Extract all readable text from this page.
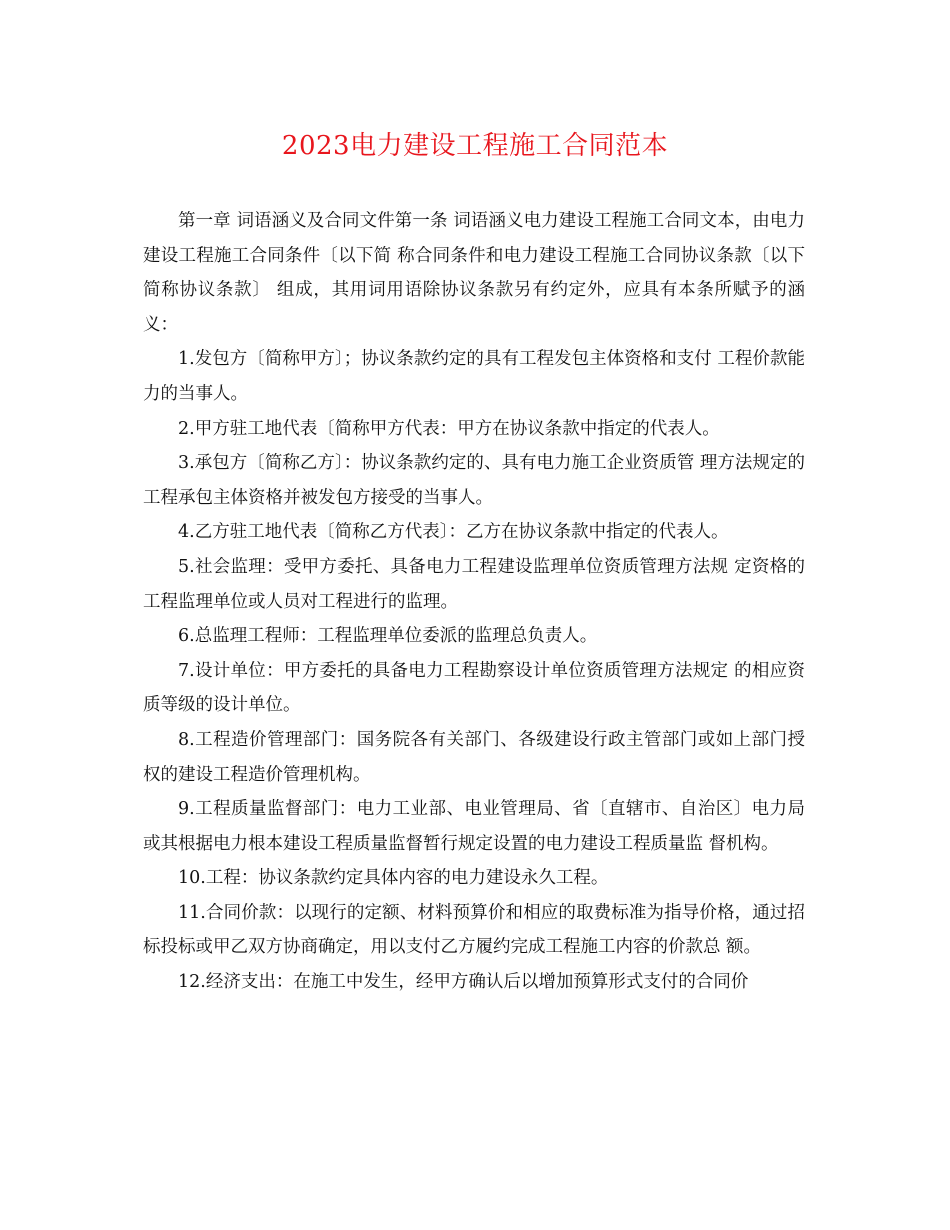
2023电力建设工程施工合同范本

第一章 词语涵义及合同文件第一条 词语涵义电力建设工程施工合同文本，由电力建设工程施工合同条件〔以下简 称合同条件和电力建设工程施工合同协议条款〔以下简称协议条款〕 组成，其用词用语除协议条款另有约定外，应具有本条所赋予的涵义：

1.发包方〔简称甲方〕；协议条款约定的具有工程发包主体资格和支付 工程价款能力的当事人。

2.甲方驻工地代表〔简称甲方代表：甲方在协议条款中指定的代表人。

3.承包方〔简称乙方〕：协议条款约定的、具有电力施工企业资质管 理方法规定的工程承包主体资格并被发包方接受的当事人。

4.乙方驻工地代表〔简称乙方代表〕：乙方在协议条款中指定的代表人。

5.社会监理：受甲方委托、具备电力工程建设监理单位资质管理方法规 定资格的工程监理单位或人员对工程进行的监理。

6.总监理工程师：工程监理单位委派的监理总负责人。

7.设计单位：甲方委托的具备电力工程勘察设计单位资质管理方法规定 的相应资质等级的设计单位。

8.工程造价管理部门：国务院各有关部门、各级建设行政主管部门或如上部门授权的建设工程造价管理机构。

9.工程质量监督部门：电力工业部、电业管理局、省〔直辖市、自治区〕电力局或其根据电力根本建设工程质量监督暂行规定设置的电力建设工程质量监 督机构。

10.工程：协议条款约定具体内容的电力建设永久工程。

11.合同价款：以现行的定额、材料预算价和相应的取费标准为指导价格，通过招标投标或甲乙双方协商确定，用以支付乙方履约完成工程施工内容的价款总 额。

12.经济支出：在施工中发生，经甲方确认后以增加预算形式支付的合同价
